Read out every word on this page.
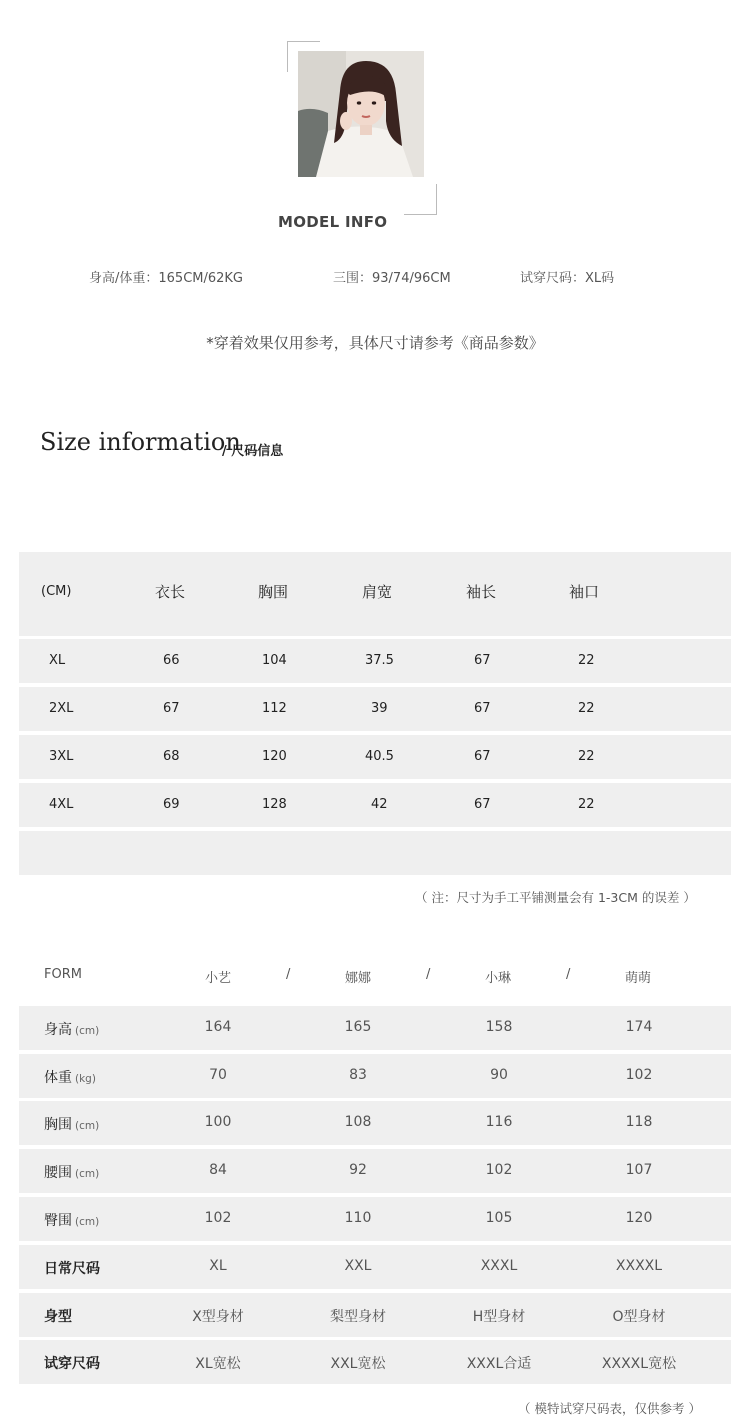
MODEL INFO
身高/体重：165CM/62KG	三围：93/74/96CM	试穿尺码：XL码
*穿着效果仅用参考，具体尺寸请参考《商品参数》
Size information
/ 尺码信息
(CM)	衣长	胸围	肩宽	袖长	袖口
XL	66	104	37.5	67	22
2XL	67	112	39	67	22
3XL	68	120	40.5	67	22
4XL	69	128	42	67	22
（ 注：尺寸为手工平铺测量会有 1-3CM 的误差 ）
FORM	小艺	/	娜娜	/	小琳	/	萌萌
身高 (cm)	164	165	158	174
体重 (kg)	70	83	90	102
胸围 (cm)	100	108	116	118
腰围 (cm)	84	92	102	107
臀围 (cm)	102	110	105	120
日常尺码	XL	XXL	XXXL	XXXXL
身型	X型身材	梨型身材	H型身材	O型身材
试穿尺码	XL宽松	XXL宽松	XXXL合适	XXXXL宽松
（ 模特试穿尺码表，仅供参考 ）
